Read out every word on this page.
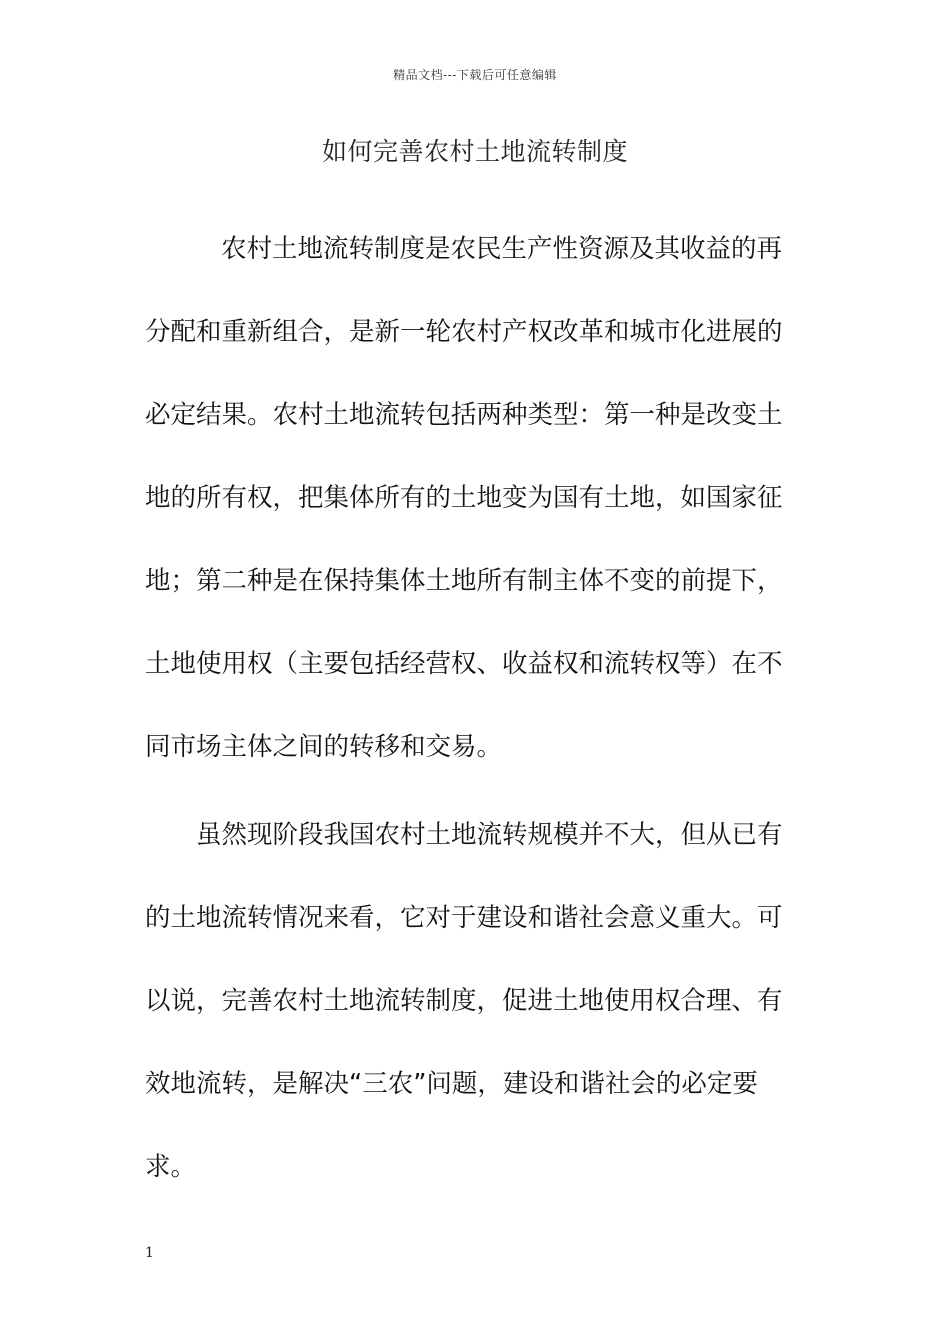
精品文档---下载后可任意编辑
如何完善农村土地流转制度
农村土地流转制度是农民生产性资源及其收益的再
分配和重新组合，是新一轮农村产权改革和城市化进展的
必定结果。农村土地流转包括两种类型：第一种是改变土
地的所有权，把集体所有的土地变为国有土地，如国家征
地；第二种是在保持集体土地所有制主体不变的前提下，
土地使用权（主要包括经营权、收益权和流转权等）在不
同市场主体之间的转移和交易。
虽然现阶段我国农村土地流转规模并不大，但从已有
的土地流转情况来看，它对于建设和谐社会意义重大。可
以说，完善农村土地流转制度，促进土地使用权合理、有
效地流转，是解决“三农”问题，建设和谐社会的必定要
求。
1
